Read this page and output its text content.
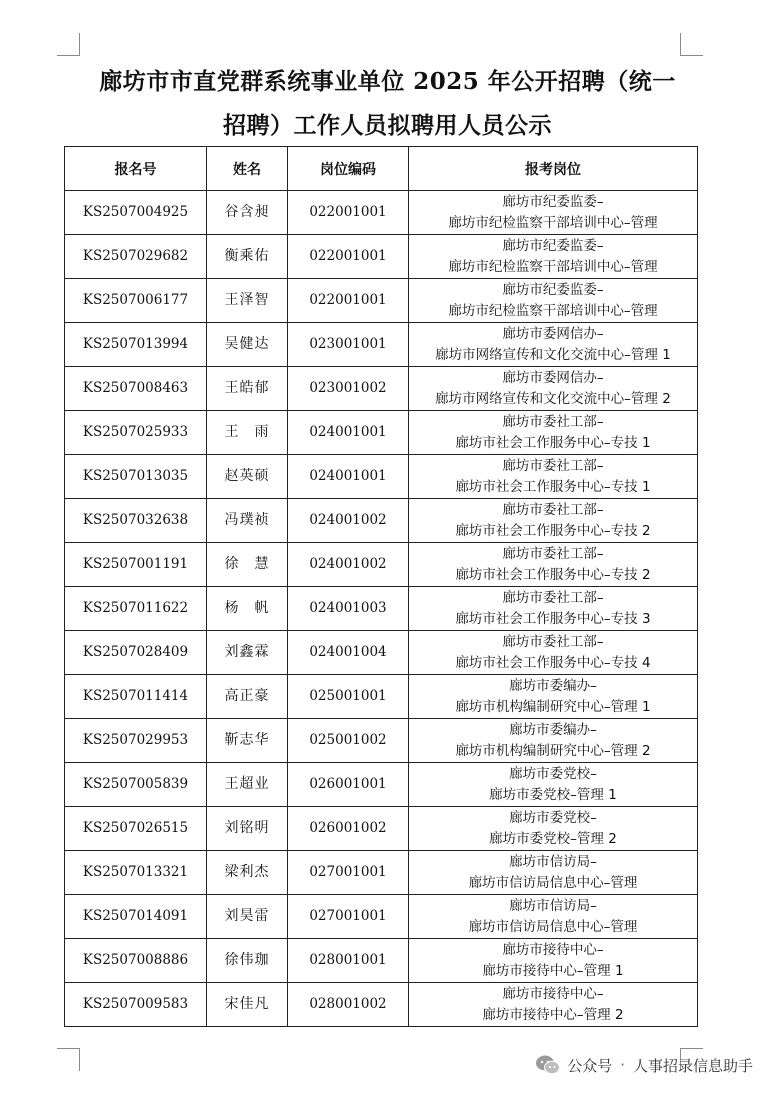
廊坊市市直党群系统事业单位 2025 年公开招聘（统一
招聘）工作人员拟聘用人员公示
报名号	姓名	岗位编码	报考岗位
KS2507004925	谷含昶	022001001	廊坊市纪委监委–
廊坊市纪检监察干部培训中心–管理

KS2507029682	衡乘佑	022001001	廊坊市纪委监委–
廊坊市纪检监察干部培训中心–管理

KS2507006177	王泽智	022001001	廊坊市纪委监委–
廊坊市纪检监察干部培训中心–管理

KS2507013994	吴健达	023001001	廊坊市委网信办–
廊坊市网络宣传和文化交流中心–管理 1

KS2507008463	王皓郁	023001002	廊坊市委网信办–
廊坊市网络宣传和文化交流中心–管理 2

KS2507025933	王　雨	024001001	廊坊市委社工部–
廊坊市社会工作服务中心–专技 1

KS2507013035	赵英硕	024001001	廊坊市委社工部–
廊坊市社会工作服务中心–专技 1

KS2507032638	冯璞祯	024001002	廊坊市委社工部–
廊坊市社会工作服务中心–专技 2

KS2507001191	徐　慧	024001002	廊坊市委社工部–
廊坊市社会工作服务中心–专技 2

KS2507011622	杨　帆	024001003	廊坊市委社工部–
廊坊市社会工作服务中心–专技 3

KS2507028409	刘鑫霖	024001004	廊坊市委社工部–
廊坊市社会工作服务中心–专技 4

KS2507011414	高正豪	025001001	廊坊市委编办–
廊坊市机构编制研究中心–管理 1

KS2507029953	靳志华	025001002	廊坊市委编办–
廊坊市机构编制研究中心–管理 2

KS2507005839	王超业	026001001	廊坊市委党校–
廊坊市委党校–管理 1

KS2507026515	刘铭明	026001002	廊坊市委党校–
廊坊市委党校–管理 2

KS2507013321	梁利杰	027001001	廊坊市信访局–
廊坊市信访局信息中心–管理

KS2507014091	刘昊雷	027001001	廊坊市信访局–
廊坊市信访局信息中心–管理

KS2507008886	徐伟珈	028001001	廊坊市接待中心–
廊坊市接待中心–管理 1

KS2507009583	宋佳凡	028001002	廊坊市接待中心–
廊坊市接待中心–管理 2
公众号 · 人事招录信息助手
